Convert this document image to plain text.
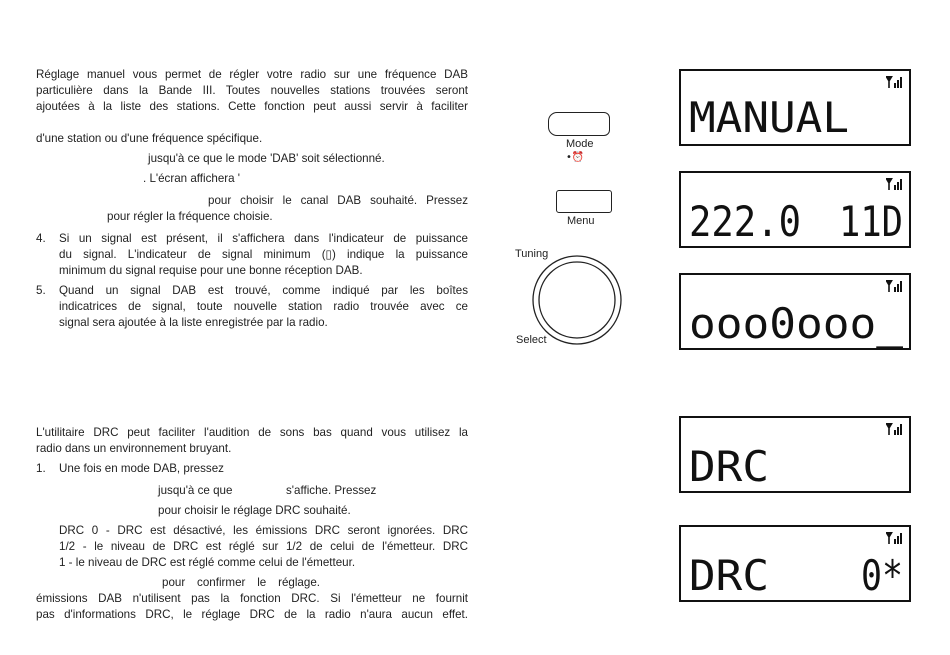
Réglage manuel vous permet de régler votre radio sur une fréquence DAB

particulière dans la Bande III. Toutes nouvelles stations trouvées seront

ajoutées à la liste des stations. Cette fonction peut aussi servir à faciliter

d'une station ou d'une fréquence spécifique.

jusqu'à ce que le mode 'DAB' soit sélectionné.

. L'écran affichera '

pour choisir le canal DAB souhaité. Pressez

pour régler la fréquence choisie.

4. Si un signal est présent, il s'affichera dans l'indicateur de puissance

du signal. L'indicateur de signal minimum (▯) indique la puissance

minimum du signal requise pour une bonne réception DAB.

5. Quand un signal DAB est trouvé, comme indiqué par les boîtes

indicatrices de signal, toute nouvelle station radio trouvée avec ce

signal sera ajoutée à la liste enregistrée par la radio.

L'utilitaire DRC peut faciliter l'audition de sons bas quand vous utilisez la

radio dans un environnement bruyant.

1. Une fois en mode DAB, pressez

jusqu'à ce que	s'affiche. Pressez

pour choisir le réglage DRC souhaité.

DRC 0 - DRC est désactivé, les émissions DRC seront ignorées. DRC

1/2 - le niveau de DRC est réglé sur 1/2 de celui de l'émetteur. DRC

1 - le niveau de DRC est réglé comme celui de l'émetteur.

pour confirmer le réglage.

émissions DAB n'utilisent pas la fonction DRC. Si l'émetteur ne fournit

pas d'informations DRC, le réglage DRC de la radio n'aura aucun effet.

Mode
•⏰
Menu
Tuning
Select
MANUAL
222.0 11D
ooo0ooo_
DRC
DRC 0*
